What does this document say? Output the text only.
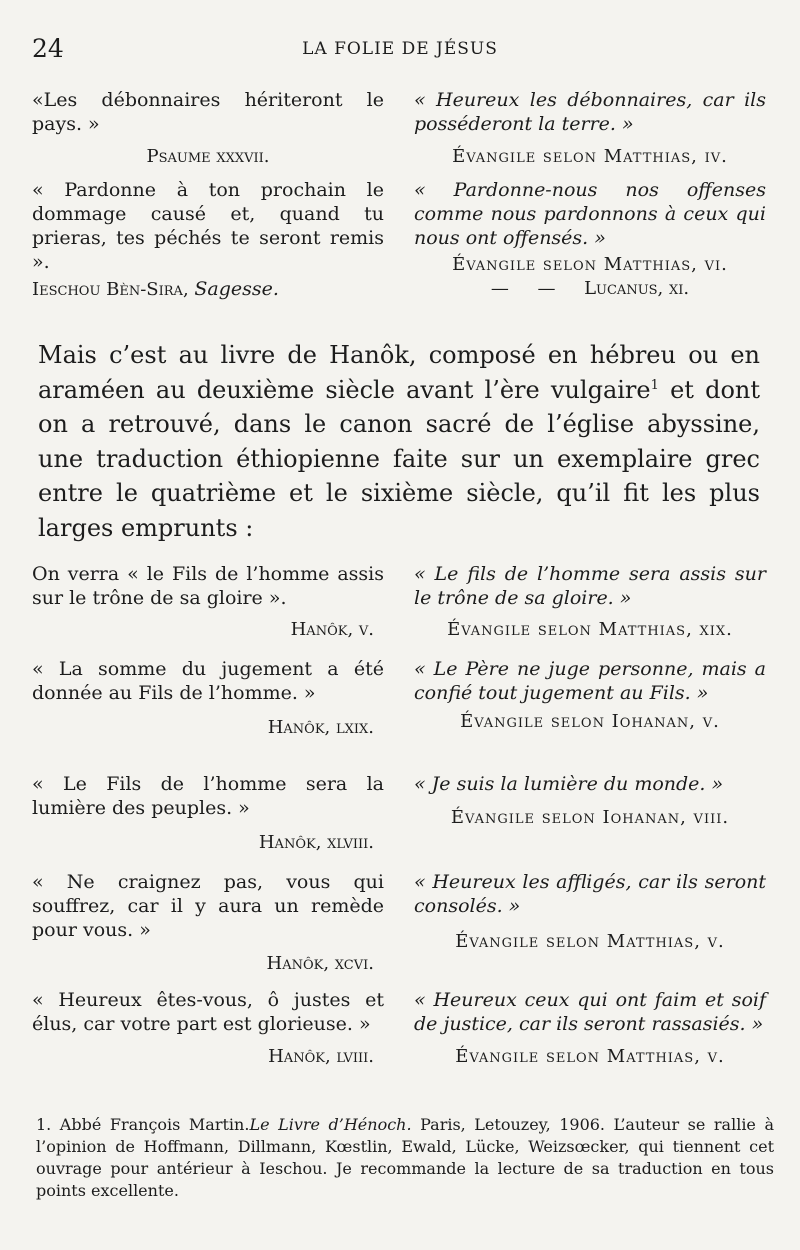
24	LA FOLIE DE JÉSUS

«Les débonnaires hériteront le pays. »

Psaume xxxvii.

« Heureux les débonnaires, car ils posséderont la terre. »

Évangile selon Matthias, iv.

« Pardonne à ton prochain le dommage causé et, quand tu prieras, tes péchés te seront remis ».

Ieschou Bèn-Sira, Sagesse.

« Pardonne-nous nos offenses comme nous pardonnons à ceux qui nous ont offensés. »

Évangile selon Matthias, vi.

—     —     Lucanus, xi.

Mais c’est au livre de Hanôk, composé en hébreu ou en araméen au deuxième siècle avant l’ère vulgaire$^1$ et dont on a retrouvé, dans le canon sacré de l’église abyssine, une traduction éthiopienne faite sur un exemplaire grec entre le quatrième et le sixième siècle, qu’il fit les plus larges emprunts :

On verra « le Fils de l’homme assis sur le trône de sa gloire ».

Hanôk, v.

« Le fils de l’homme sera assis sur le trône de sa gloire. »

Évangile selon Matthias, xix.

« La somme du jugement a été donnée au Fils de l’homme. »

Hanôk, lxix.

« Le Père ne juge personne, mais a confié tout jugement au Fils. »

Évangile selon Iohanan, v.

« Le Fils de l’homme sera la lumière des peuples. »

Hanôk, xlviii.

« Je suis la lumière du monde. »

Évangile selon Iohanan, viii.

« Ne craignez pas, vous qui souffrez, car il y aura un remède pour vous. »

Hanôk, xcvi.

« Heureux les affligés, car ils seront consolés. »

Évangile selon Matthias, v.

« Heureux êtes-vous, ô justes et élus, car votre part est glorieuse. »

Hanôk, lviii.

« Heureux ceux qui ont faim et soif de justice, car ils seront rassasiés. »

Évangile selon Matthias, v.

1. Abbé François Martin.Le Livre d’Hénoch. Paris, Letouzey, 1906. L’auteur se rallie à l’opinion de Hoffmann, Dillmann, Kœstlin, Ewald, Lücke, Weizsœcker, qui tiennent cet ouvrage pour antérieur à Ieschou. Je recommande la lecture de sa traduction en tous points excellente.
